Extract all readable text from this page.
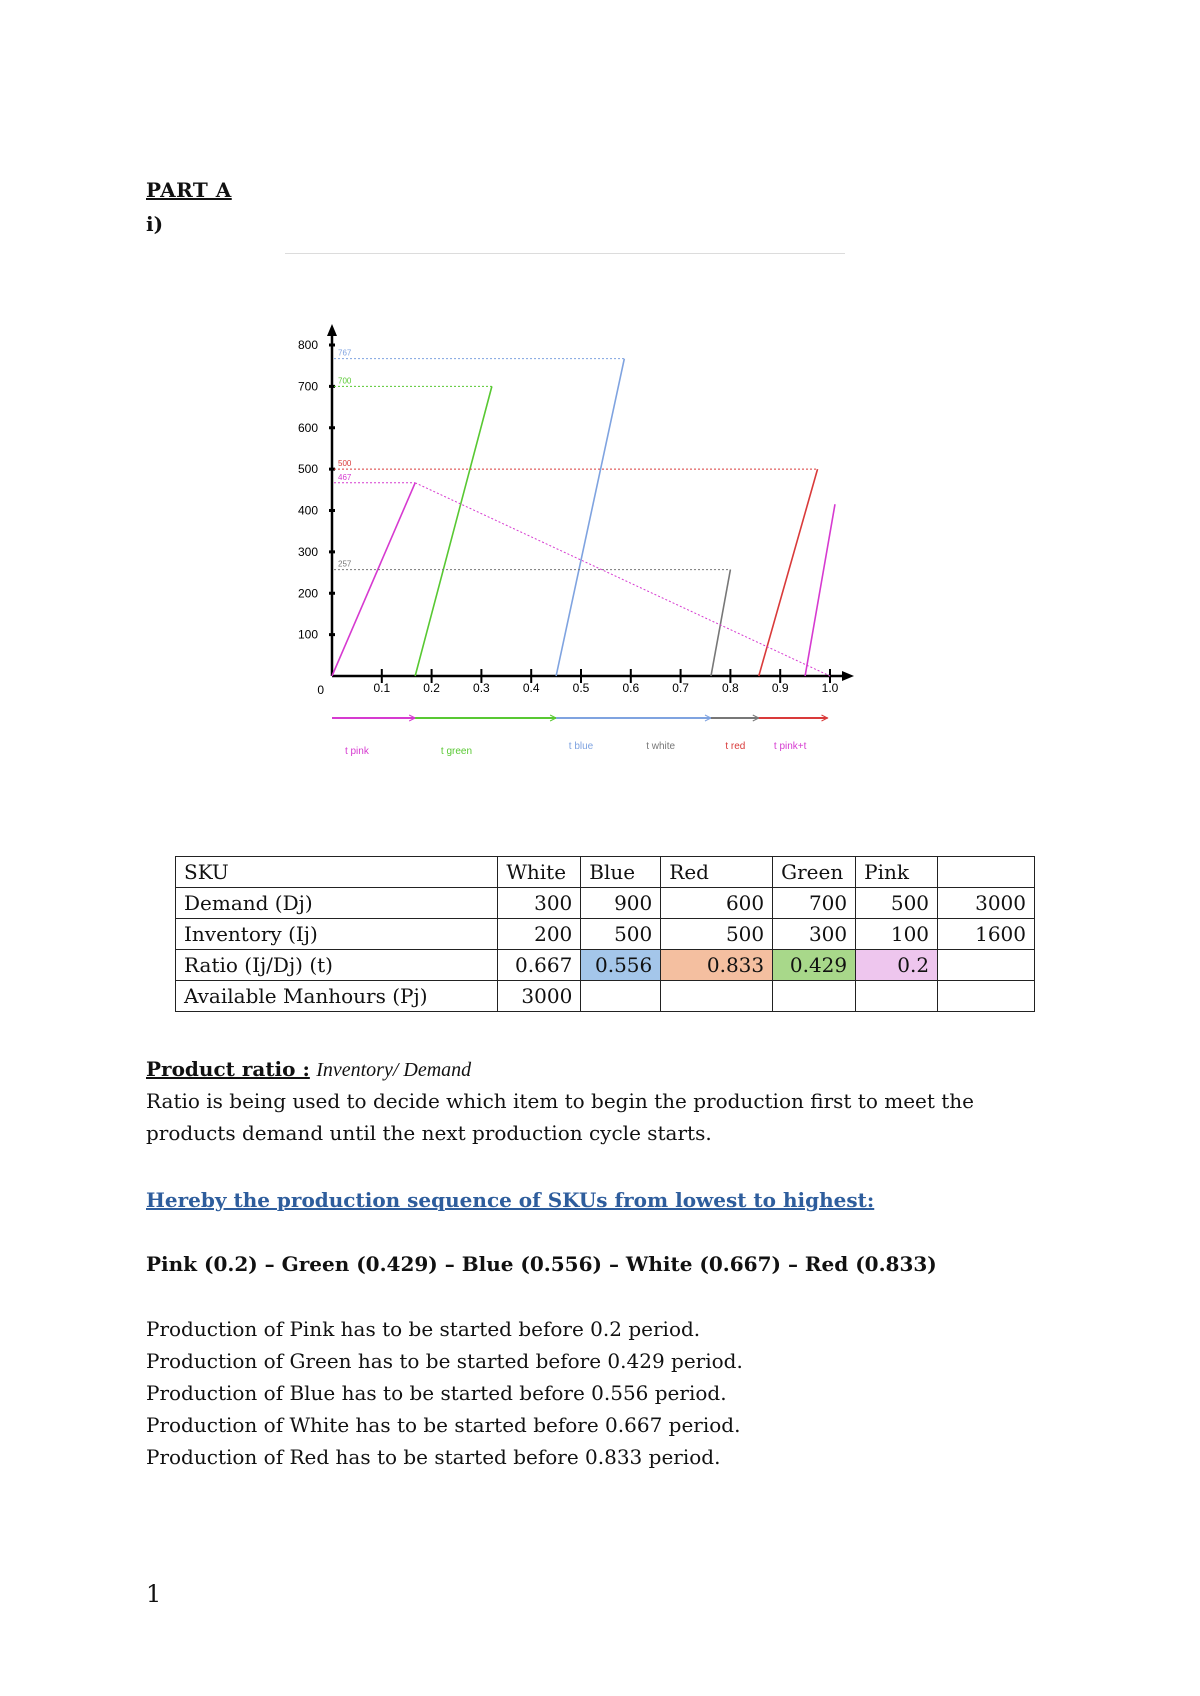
PART A
i)
0
100
200
300
400
500
600
700
800
0.1	0.2	0.3	0.4	0.5	0.6	0.7	0.8	0.9	1.0
467
700
767
257
500
t pink	t green	t blue	t white	t red	t pink+t
SKU	White	Blue	Red	Green	Pink	
Demand (Dj)	300	900	600	700	500	3000
Inventory (Ij)	200	500	500	300	100	1600
Ratio (Ij/Dj) (t)	0.667	0.556	0.833	0.429	0.2	
Available Manhours (Pj)	3000					
Product ratio : Inventory/ Demand
Ratio is being used to decide which item to begin the production first to meet the products demand until the next production cycle starts.
Hereby the production sequence of SKUs from lowest to highest:
Pink (0.2) – Green (0.429) – Blue (0.556) – White (0.667) – Red (0.833)
Production of Pink has to be started before 0.2 period.
Production of Green has to be started before 0.429 period.
Production of Blue has to be started before 0.556 period.
Production of White has to be started before 0.667 period.
Production of Red has to be started before 0.833 period.
1
